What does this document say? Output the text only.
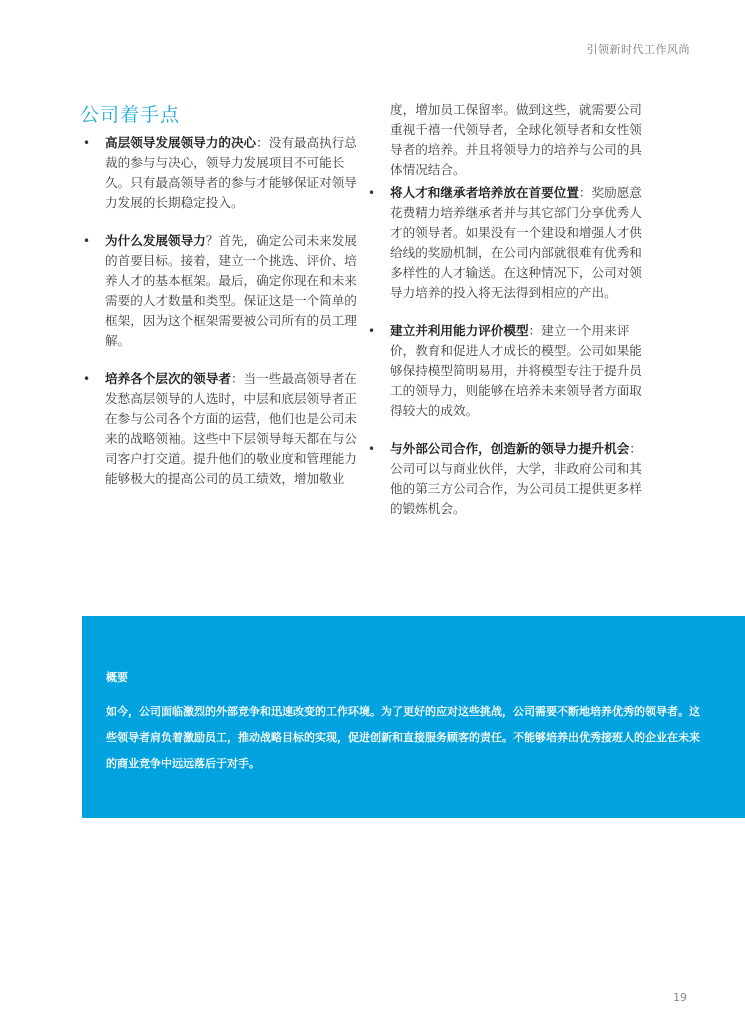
引领新时代工作风尚
公司着手点
• 高层领导发展领导力的决心：没有最高执行总裁的参与与决心，领导力发展项目不可能长久。只有最高领导者的参与才能够保证对领导力发展的长期稳定投入。
• 为什么发展领导力？首先，确定公司未来发展的首要目标。接着，建立一个挑选、评价、培养人才的基本框架。最后，确定你现在和未来需要的人才数量和类型。保证这是一个简单的框架，因为这个框架需要被公司所有的员工理解。
• 培养各个层次的领导者：当一些最高领导者在发愁高层领导的人选时，中层和底层领导者正在参与公司各个方面的运营，他们也是公司未来的战略领袖。这些中下层领导每天都在与公司客户打交道。提升他们的敬业度和管理能力能够极大的提高公司的员工绩效，增加敬业
度，增加员工保留率。做到这些，就需要公司重视千禧一代领导者，全球化领导者和女性领导者的培养。并且将领导力的培养与公司的具体情况结合。
• 将人才和继承者培养放在首要位置：奖励愿意花费精力培养继承者并与其它部门分享优秀人才的领导者。如果没有一个建设和增强人才供给线的奖励机制，在公司内部就很难有优秀和多样性的人才输送。在这种情况下，公司对领导力培养的投入将无法得到相应的产出。
• 建立并利用能力评价模型：建立一个用来评价，教育和促进人才成长的模型。公司如果能够保持模型简明易用，并将模型专注于提升员工的领导力，则能够在培养未来领导者方面取得较大的成效。
• 与外部公司合作，创造新的领导力提升机会：公司可以与商业伙伴，大学，非政府公司和其他的第三方公司合作，为公司员工提供更多样的锻炼机会。
概要
如今，公司面临激烈的外部竞争和迅速改变的工作环境。为了更好的应对这些挑战，公司需要不断地培养优秀的领导者。这些领导者肩负着激励员工，推动战略目标的实现，促进创新和直接服务顾客的责任。不能够培养出优秀接班人的企业在未来的商业竞争中远远落后于对手。
19
